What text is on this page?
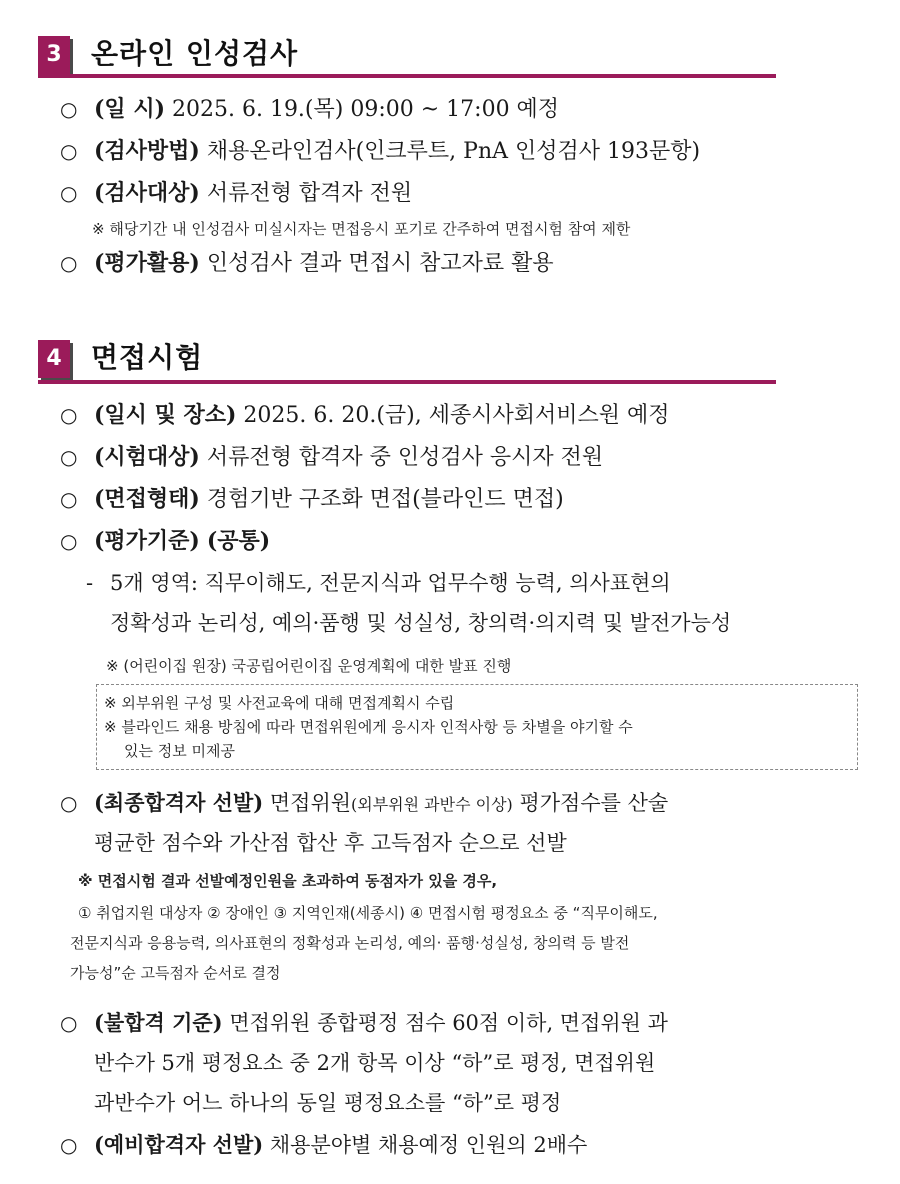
3 온라인 인성검사
○ (일 시) 2025. 6. 19.(목) 09:00 ~ 17:00 예정
○ (검사방법) 채용온라인검사(인크루트, PnA 인성검사 193문항)
○ (검사대상) 서류전형 합격자 전원
※ 해당기간 내 인성검사 미실시자는 면접응시 포기로 간주하여 면접시험 참여 제한
○ (평가활용) 인성검사 결과 면접시 참고자료 활용
4 면접시험
○ (일시 및 장소) 2025. 6. 20.(금), 세종시사회서비스원 예정
○ (시험대상) 서류전형 합격자 중 인성검사 응시자 전원
○ (면접형태) 경험기반 구조화 면접(블라인드 면접)
○ (평가기준) (공통)
- 5개 영역: 직무이해도, 전문지식과 업무수행 능력, 의사표현의
정확성과 논리성, 예의·품행 및 성실성, 창의력·의지력 및 발전가능성
※ (어린이집 원장) 국공립어린이집 운영계획에 대한 발표 진행
※ 외부위원 구성 및 사전교육에 대해 면접계획시 수립
※ 블라인드 채용 방침에 따라 면접위원에게 응시자 인적사항 등 차별을 야기할 수
있는 정보 미제공
○ (최종합격자 선발) 면접위원(외부위원 과반수 이상) 평가점수를 산술
평균한 점수와 가산점 합산 후 고득점자 순으로 선발
※ 면접시험 결과 선발예정인원을 초과하여 동점자가 있을 경우,
① 취업지원 대상자 ② 장애인 ③ 지역인재(세종시) ④ 면접시험 평정요소 중 “직무이해도,
전문지식과 응용능력, 의사표현의 정확성과 논리성, 예의· 품행·성실성, 창의력 등 발전
가능성”순 고득점자 순서로 결정
○ (불합격 기준) 면접위원 종합평정 점수 60점 이하, 면접위원 과
반수가 5개 평정요소 중 2개 항목 이상 “하”로 평정, 면접위원
과반수가 어느 하나의 동일 평정요소를 “하”로 평정
○ (예비합격자 선발) 채용분야별 채용예정 인원의 2배수
